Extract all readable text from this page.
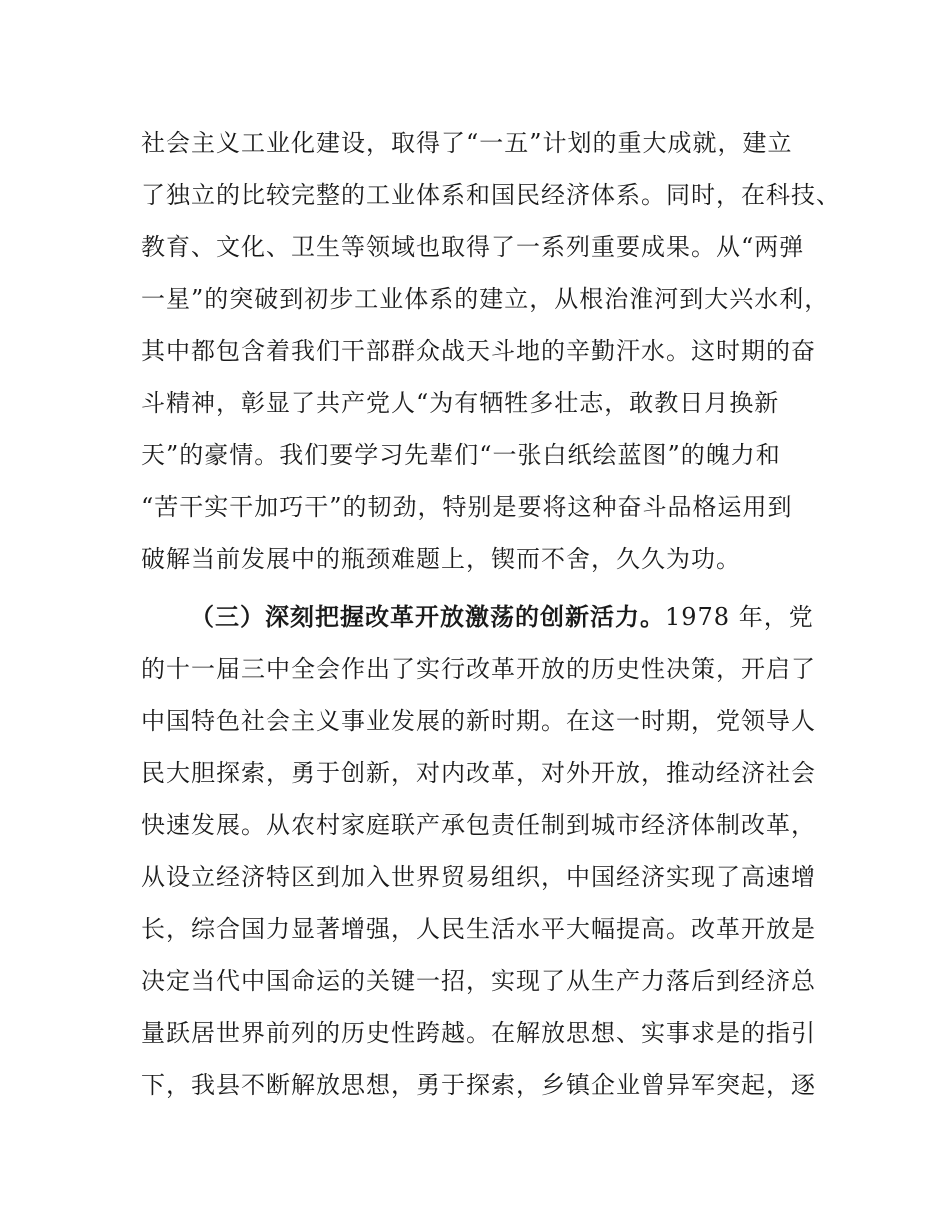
社会主义工业化建设，取得了“一五”计划的重大成就，建立
了独立的比较完整的工业体系和国民经济体系。同时，在科技、
教育、文化、卫生等领域也取得了一系列重要成果。从“两弹
一星”的突破到初步工业体系的建立，从根治淮河到大兴水利，
其中都包含着我们干部群众战天斗地的辛勤汗水。这时期的奋
斗精神，彰显了共产党人“为有牺牲多壮志，敢教日月换新
天”的豪情。我们要学习先辈们“一张白纸绘蓝图”的魄力和
“苦干实干加巧干”的韧劲，特别是要将这种奋斗品格运用到
破解当前发展中的瓶颈难题上，锲而不舍，久久为功。
（三）深刻把握改革开放激荡的创新活力。1978 年，党
的十一届三中全会作出了实行改革开放的历史性决策，开启了
中国特色社会主义事业发展的新时期。在这一时期，党领导人
民大胆探索，勇于创新，对内改革，对外开放，推动经济社会
快速发展。从农村家庭联产承包责任制到城市经济体制改革，
从设立经济特区到加入世界贸易组织，中国经济实现了高速增
长，综合国力显著增强，人民生活水平大幅提高。改革开放是
决定当代中国命运的关键一招，实现了从生产力落后到经济总
量跃居世界前列的历史性跨越。在解放思想、实事求是的指引
下，我县不断解放思想，勇于探索，乡镇企业曾异军突起，逐
